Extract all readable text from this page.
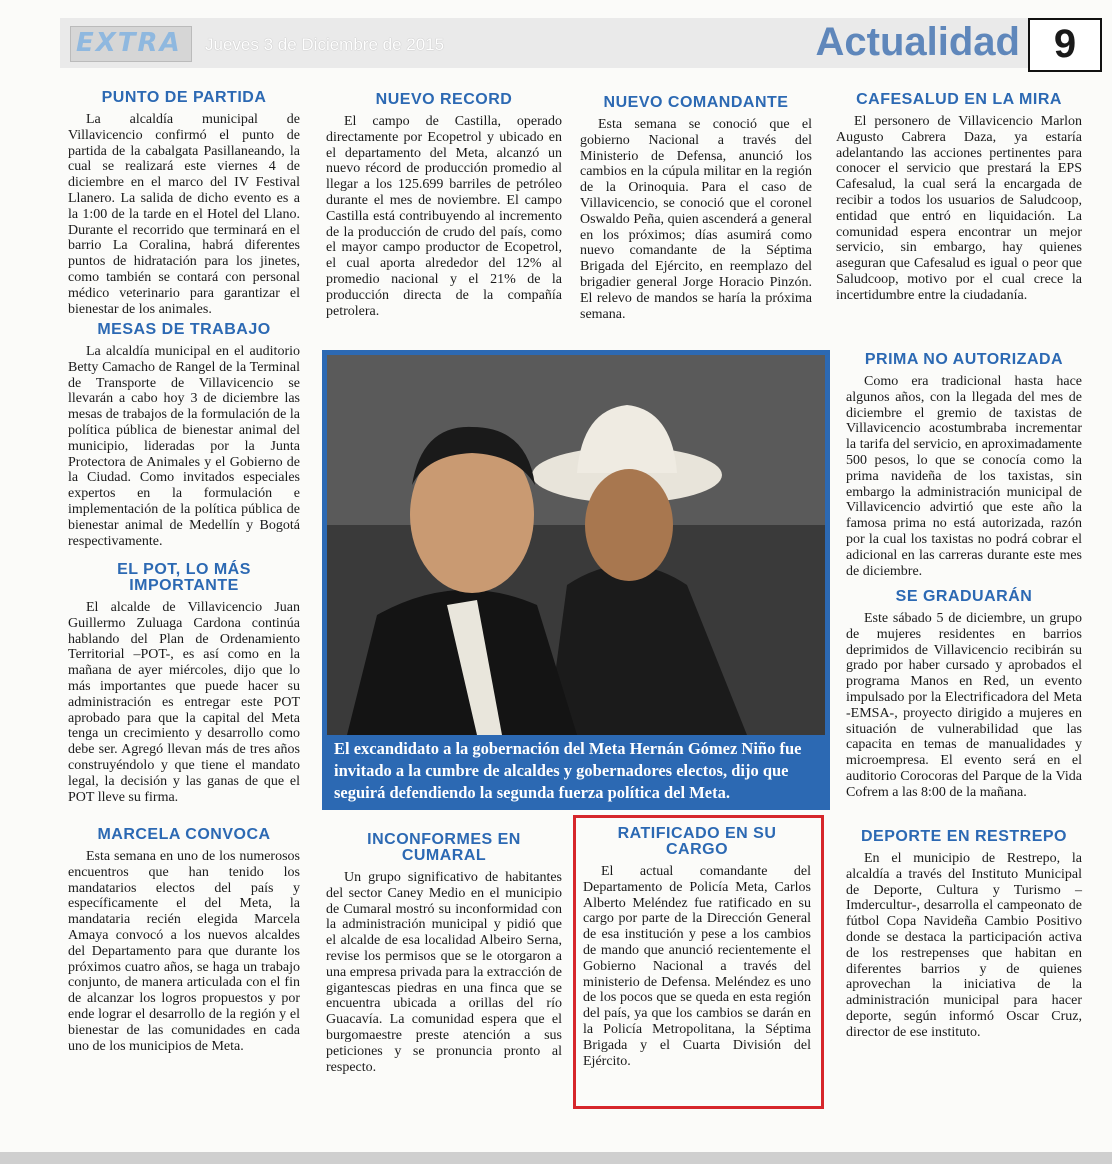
EXTRA Jueves 3 de Diciembre de 2015	Actualidad 9
PUNTO DE PARTIDA

La alcaldía municipal de Villavicencio confirmó el punto de partida de la cabalgata Pasillaneando, la cual se realizará este viernes 4 de diciembre en el marco del IV Festival Llanero. La salida de dicho evento es a la 1:00 de la tarde en el Hotel del Llano. Durante el recorrido que terminará en el barrio La Coralina, habrá diferentes puntos de hidratación para los jinetes, como también se contará con personal médico veterinario para garantizar el bienestar de los animales.

MESAS DE TRABAJO

La alcaldía municipal en el auditorio Betty Camacho de Rangel de la Terminal de Transporte de Villavicencio se llevarán a cabo hoy 3 de diciembre las mesas de trabajos de la formulación de la política pública de bienestar animal del municipio, lideradas por la Junta Protectora de Animales y el Gobierno de la Ciudad. Como invitados especiales expertos en la formulación e implementación de la política pública de bienestar animal de Medellín y Bogotá respectivamente.

EL POT, LO MÁS IMPORTANTE

El alcalde de Villavicencio Juan Guillermo Zuluaga Cardona continúa hablando del Plan de Ordenamiento Territorial –POT-, es así como en la mañana de ayer miércoles, dijo que lo más importantes que puede hacer su administración es entregar este POT aprobado para que la capital del Meta tenga un crecimiento y desarrollo como debe ser. Agregó llevan más de tres años construyéndolo y que tiene el mandato legal, la decisión y las ganas de que el POT lleve su firma.

MARCELA CONVOCA

Esta semana en uno de los numerosos encuentros que han tenido los mandatarios electos del país y específicamente el del Meta, la mandataria recién elegida Marcela Amaya convocó a los nuevos alcaldes del Departamento para que durante los próximos cuatro años, se haga un trabajo conjunto, de manera articulada con el fin de alcanzar los logros propuestos y por ende lograr el desarrollo de la región y el bienestar de las comunidades en cada uno de los municipios de Meta.

NUEVO RECORD

El campo de Castilla, operado directamente por Ecopetrol y ubicado en el departamento del Meta, alcanzó un nuevo récord de producción promedio al llegar a los 125.699 barriles de petróleo durante el mes de noviembre. El campo Castilla está contribuyendo al incremento de la producción de crudo del país, como el mayor campo productor de Ecopetrol, el cual aporta alrededor del 12% al promedio nacional y el 21% de la producción directa de la compañía petrolera.

INCONFORMES EN CUMARAL

Un grupo significativo de habitantes del sector Caney Medio en el municipio de Cumaral mostró su inconformidad con la administración municipal y pidió que el alcalde de esa localidad Albeiro Serna, revise los permisos que se le otorgaron a una empresa privada para la extracción de gigantescas piedras en una finca que se encuentra ubicada a orillas del río Guacavía. La comunidad espera que el burgomaestre preste atención a sus peticiones y se pronuncia pronto al respecto.

NUEVO COMANDANTE

Esta semana se conoció que el gobierno Nacional a través del Ministerio de Defensa, anunció los cambios en la cúpula militar en la región de la Orinoquia. Para el caso de Villavicencio, se conoció que el coronel Oswaldo Peña, quien ascenderá a general en los próximos; días asumirá como nuevo comandante de la Séptima Brigada del Ejército, en reemplazo del brigadier general Jorge Horacio Pinzón. El relevo de mandos se haría la próxima semana.

RATIFICADO EN SU CARGO

El actual comandante del Departamento de Policía Meta, Carlos Alberto Meléndez fue ratificado en su cargo por parte de la Dirección General de esa institución y pese a los cambios de mando que anunció recientemente el Gobierno Nacional a través del ministerio de Defensa. Meléndez es uno de los pocos que se queda en esta región del país, ya que los cambios se darán en la Policía Metropolitana, la Séptima Brigada y el Cuarta División del Ejército.

CAFESALUD EN LA MIRA

El personero de Villavicencio Marlon Augusto Cabrera Daza, ya estaría adelantando las acciones pertinentes para conocer el servicio que prestará la EPS Cafesalud, la cual será la encargada de recibir a todos los usuarios de Saludcoop, entidad que entró en liquidación. La comunidad espera encontrar un mejor servicio, sin embargo, hay quienes aseguran que Cafesalud es igual o peor que Saludcoop, motivo por el cual crece la incertidumbre entre la ciudadanía.

PRIMA NO AUTORIZADA

Como era tradicional hasta hace algunos años, con la llegada del mes de diciembre el gremio de taxistas de Villavicencio acostumbraba incrementar la tarifa del servicio, en aproximadamente 500 pesos, lo que se conocía como la prima navideña de los taxistas, sin embargo la administración municipal de Villavicencio advirtió que este año la famosa prima no está autorizada, razón por la cual los taxistas no podrá cobrar el adicional en las carreras durante este mes de diciembre.

SE GRADUARÁN

Este sábado 5 de diciembre, un grupo de mujeres residentes en barrios deprimidos de Villavicencio recibirán su grado por haber cursado y aprobados el programa Manos en Red, un evento impulsado por la Electrificadora del Meta -EMSA-, proyecto dirigido a mujeres en situación de vulnerabilidad que las capacita en temas de manualidades y microempresa. El evento será en el auditorio Corocoras del Parque de la Vida Cofrem a las 8:00 de la mañana.

DEPORTE EN RESTREPO

En el municipio de Restrepo, la alcaldía a través del Instituto Municipal de Deporte, Cultura y Turismo –Imdercultur-, desarrolla el campeonato de fútbol Copa Navideña Cambio Positivo donde se destaca la participación activa de los restrepenses que habitan en diferentes barrios y de quienes aprovechan la iniciativa de la administración municipal para hacer deporte, según informó Oscar Cruz, director de ese instituto.

El excandidato a la gobernación del Meta Hernán Gómez Niño fue invitado a la cumbre de alcaldes y gobernadores electos, dijo que seguirá defendiendo la segunda fuerza política del Meta.
